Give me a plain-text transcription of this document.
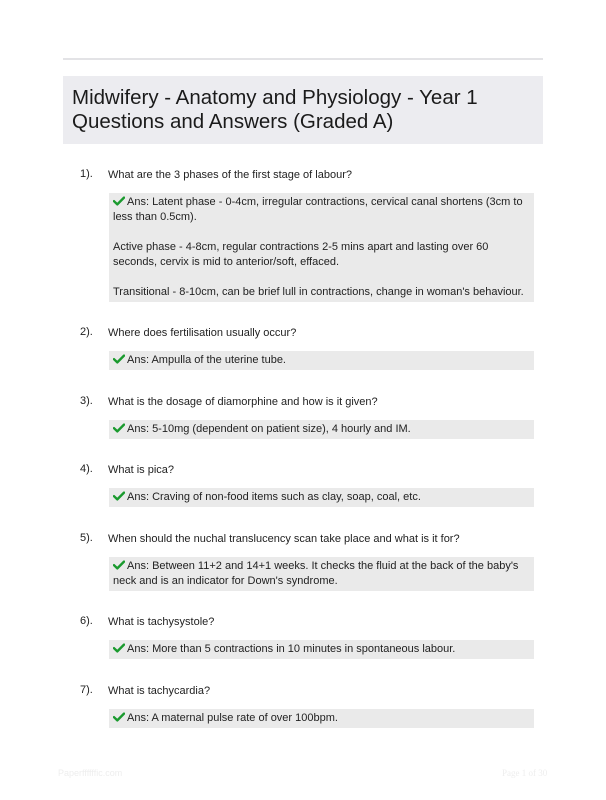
Midwifery - Anatomy and Physiology - Year 1
Questions and Answers (Graded A)
1). What are the 3 phases of the first stage of labour?

Ans: Latent phase - 0-4cm, irregular contractions, cervical canal shortens (3cm to less than 0.5cm).

Active phase - 4-8cm, regular contractions 2-5 mins apart and lasting over 60 seconds, cervix is mid to anterior/soft, effaced.

Transitional - 8-10cm, can be brief lull in contractions, change in woman's behaviour.

2). Where does fertilisation usually occur?

Ans: Ampulla of the uterine tube.

3). What is the dosage of diamorphine and how is it given?

Ans: 5-10mg (dependent on patient size), 4 hourly and IM.

4). What is pica?

Ans: Craving of non-food items such as clay, soap, coal, etc.

5). When should the nuchal translucency scan take place and what is it for?

Ans: Between 11+2 and 14+1 weeks. It checks the fluid at the back of the baby's neck and is an indicator for Down's syndrome.

6). What is tachysystole?

Ans: More than 5 contractions in 10 minutes in spontaneous labour.

7). What is tachycardia?

Ans: A maternal pulse rate of over 100bpm.

Paperffffffic.com	Page 1 of 30
